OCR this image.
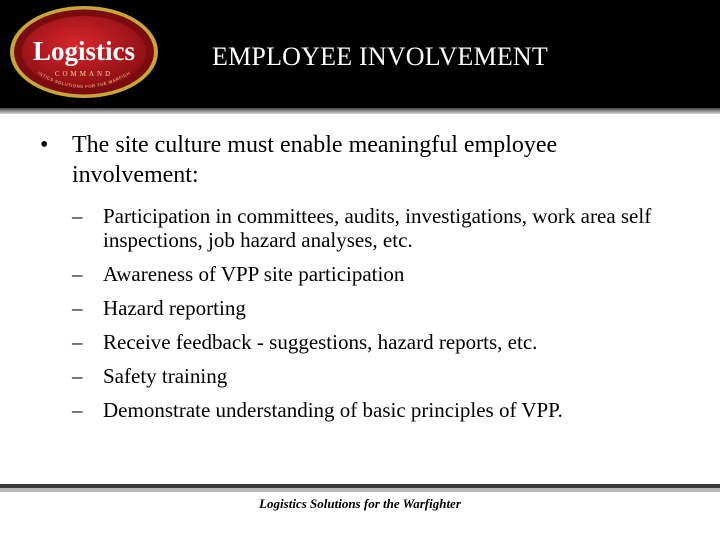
Logistics
COMMAND
ISTICS SOLUTIONS FOR THE WARFIGH
EMPLOYEE INVOLVEMENT
• The site culture must enable meaningful employee involvement:
– Participation in committees, audits, investigations, work area self inspections, job hazard analyses, etc.
– Awareness of VPP site participation
– Hazard reporting
– Receive feedback - suggestions, hazard reports, etc.
– Safety training
– Demonstrate understanding of basic principles of VPP.
Logistics Solutions for the Warfighter
